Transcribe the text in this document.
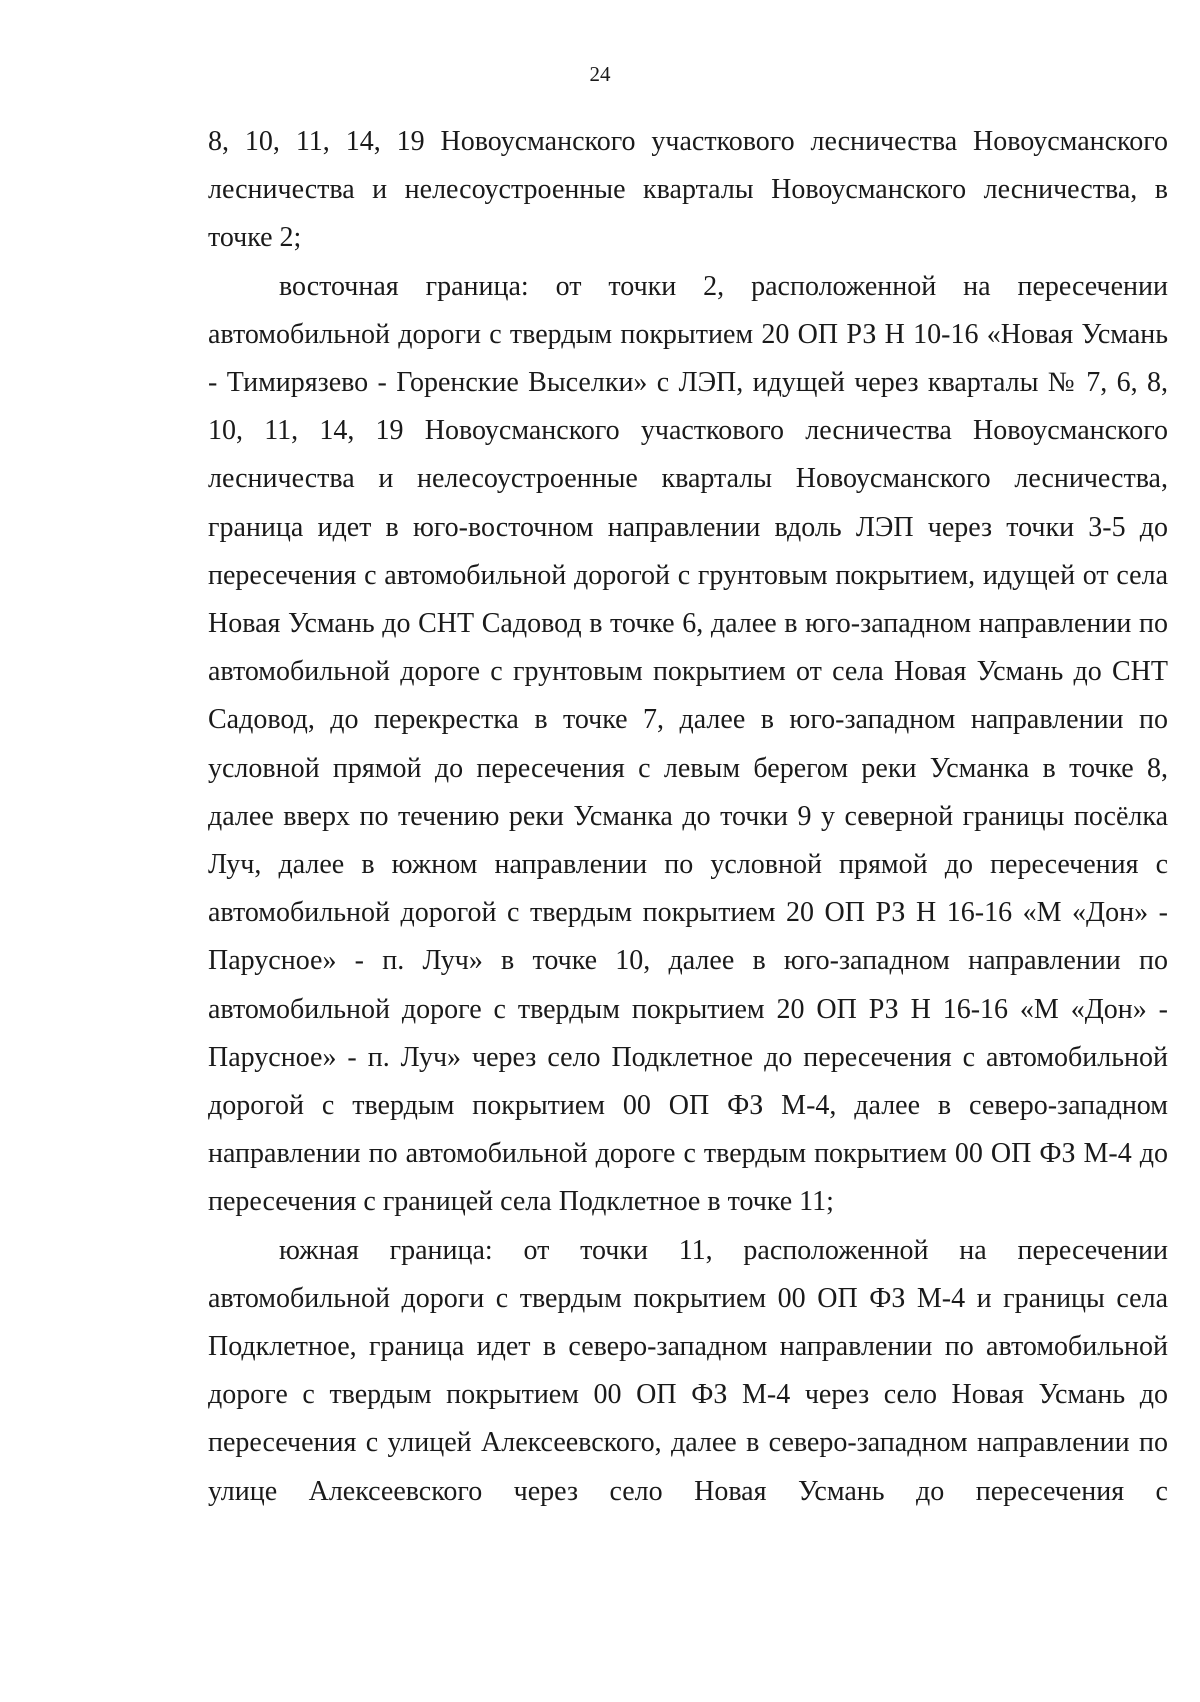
24

8, 10, 11, 14, 19 Новоусманского участкового лесничества Новоусманского лесничества и нелесоустроенные кварталы Новоусманского лесничества, в точке 2;

восточная граница: от точки 2, расположенной на пересечении автомобильной дороги с твердым покрытием 20 ОП РЗ Н 10-16 «Новая Усмань - Тимирязево - Горенские Выселки» с ЛЭП, идущей через кварталы № 7, 6, 8, 10, 11, 14, 19 Новоусманского участкового лесничества Новоусманского лесничества и нелесоустроенные кварталы Новоусманского лесничества, граница идет в юго-восточном направлении вдоль ЛЭП через точки 3-5 до пересечения с автомобильной дорогой с грунтовым покрытием, идущей от села Новая Усмань до СНТ Садовод в точке 6, далее в юго-западном направлении по автомобильной дороге с грунтовым покрытием от села Новая Усмань до СНТ Садовод, до перекрестка в точке 7, далее в юго-западном направлении по условной прямой до пересечения с левым берегом реки Усманка в точке 8, далее вверх по течению реки Усманка до точки 9 у северной границы посёлка Луч, далее в южном направлении по условной прямой до пересечения с автомобильной дорогой с твердым покрытием 20 ОП РЗ Н 16-16 «М «Дон» - Парусное» - п. Луч» в точке 10, далее в юго-западном направлении по автомобильной дороге с твердым покрытием 20 ОП РЗ Н 16-16 «М «Дон» - Парусное» - п. Луч» через село Подклетное до пересечения с автомобильной дорогой с твердым покрытием 00 ОП ФЗ М-4, далее в северо-западном направлении по автомобильной дороге с твердым покрытием 00 ОП ФЗ М-4 до пересечения с границей села Подклетное в точке 11;

южная граница: от точки 11, расположенной на пересечении автомобильной дороги с твердым покрытием 00 ОП ФЗ М-4 и границы села Подклетное, граница идет в северо-западном направлении по автомобильной дороге с твердым покрытием 00 ОП ФЗ М-4 через село Новая Усмань до пересечения с улицей Алексеевского, далее в северо-западном направлении по улице Алексеевского через село Новая Усмань до пересечения с
